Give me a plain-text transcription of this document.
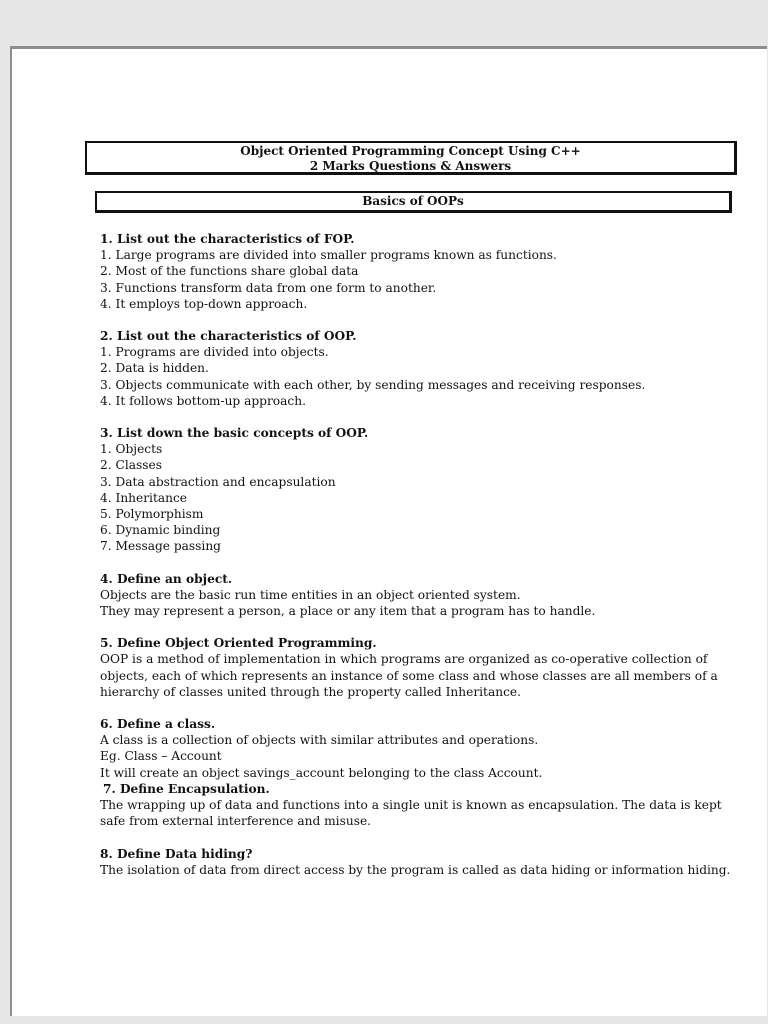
Object Oriented Programming Concept Using C++
2 Marks Questions & Answers
Basics of OOPs
1. List out the characteristics of FOP.
1. Large programs are divided into smaller programs known as functions.
2. Most of the functions share global data
3. Functions transform data from one form to another.
4. It employs top-down approach.
2. List out the characteristics of OOP.
1. Programs are divided into objects.
2. Data is hidden.
3. Objects communicate with each other, by sending messages and receiving responses.
4. It follows bottom-up approach.
3. List down the basic concepts of OOP.
1. Objects
2. Classes
3. Data abstraction and encapsulation
4. Inheritance
5. Polymorphism
6. Dynamic binding
7. Message passing
4. Define an object.
Objects are the basic run time entities in an object oriented system.
They may represent a person, a place or any item that a program has to handle.
5. Define Object Oriented Programming.
OOP is a method of implementation in which programs are organized as co-operative collection of objects, each of which represents an instance of some class and whose classes are all members of a hierarchy of classes united through the property called Inheritance.
6. Define a class.
A class is a collection of objects with similar attributes and operations.
Eg. Class – Account
It will create an object savings_account belonging to the class Account.
7. Define Encapsulation.
The wrapping up of data and functions into a single unit is known as encapsulation. The data is kept safe from external interference and misuse.
8. Define Data hiding?
The isolation of data from direct access by the program is called as data hiding or information hiding.
